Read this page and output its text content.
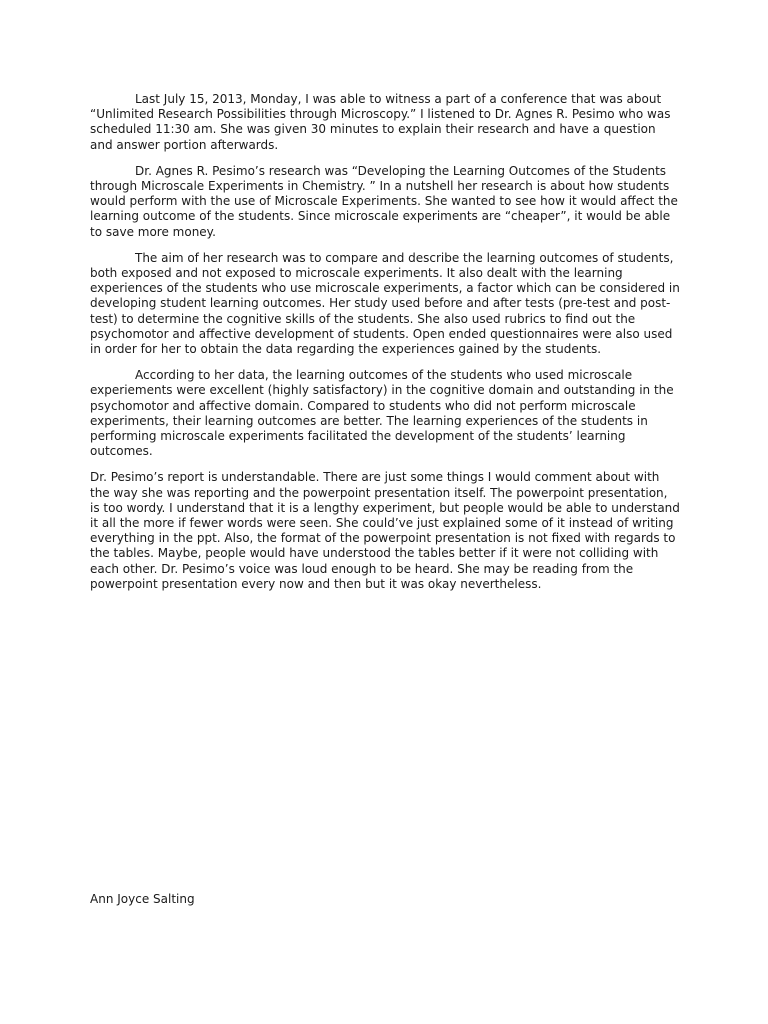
Last July 15, 2013, Monday, I was able to witness a part of a conference that was about “Unlimited Research Possibilities through Microscopy.” I listened to Dr. Agnes R. Pesimo who was scheduled 11:30 am. She was given 30 minutes to explain their research and have a question and answer portion afterwards.

Dr. Agnes R. Pesimo’s research was “Developing the Learning Outcomes of the Students through Microscale Experiments in Chemistry. ” In a nutshell her research is about how students would perform with the use of Microscale Experiments. She wanted to see how it would affect the learning outcome of the students. Since microscale experiments are “cheaper”, it would be able to save more money.

The aim of her research was to compare and describe the learning outcomes of students, both exposed and not exposed to microscale experiments. It also dealt with the learning experiences of the students who use microscale experiments, a factor which can be considered in developing student learning outcomes. Her study used before and after tests (pre-test and post-test) to determine the cognitive skills of the students. She also used rubrics to find out the psychomotor and affective development of students. Open ended questionnaires were also used in order for her to obtain the data regarding the experiences gained by the students.

According to her data, the learning outcomes of the students who used microscale experiements were excellent (highly satisfactory) in the cognitive domain and outstanding in the psychomotor and affective domain. Compared to students who did not perform microscale experiments, their learning outcomes are better. The learning experiences of the students in performing microscale experiments facilitated the development of the students’ learning outcomes.

Dr. Pesimo’s report is understandable. There are just some things I would comment about with the way she was reporting and the powerpoint presentation itself. The powerpoint presentation, is too wordy. I understand that it is a lengthy experiment, but people would be able to understand it all the more if fewer words were seen. She could’ve just explained some of it instead of writing everything in the ppt. Also, the format of the powerpoint presentation is not fixed with regards to the tables. Maybe, people would have understood the tables better if it were not colliding with each other. Dr. Pesimo’s voice was loud enough to be heard. She may be reading from the powerpoint presentation every now and then but it was okay nevertheless.

Ann Joyce Salting
